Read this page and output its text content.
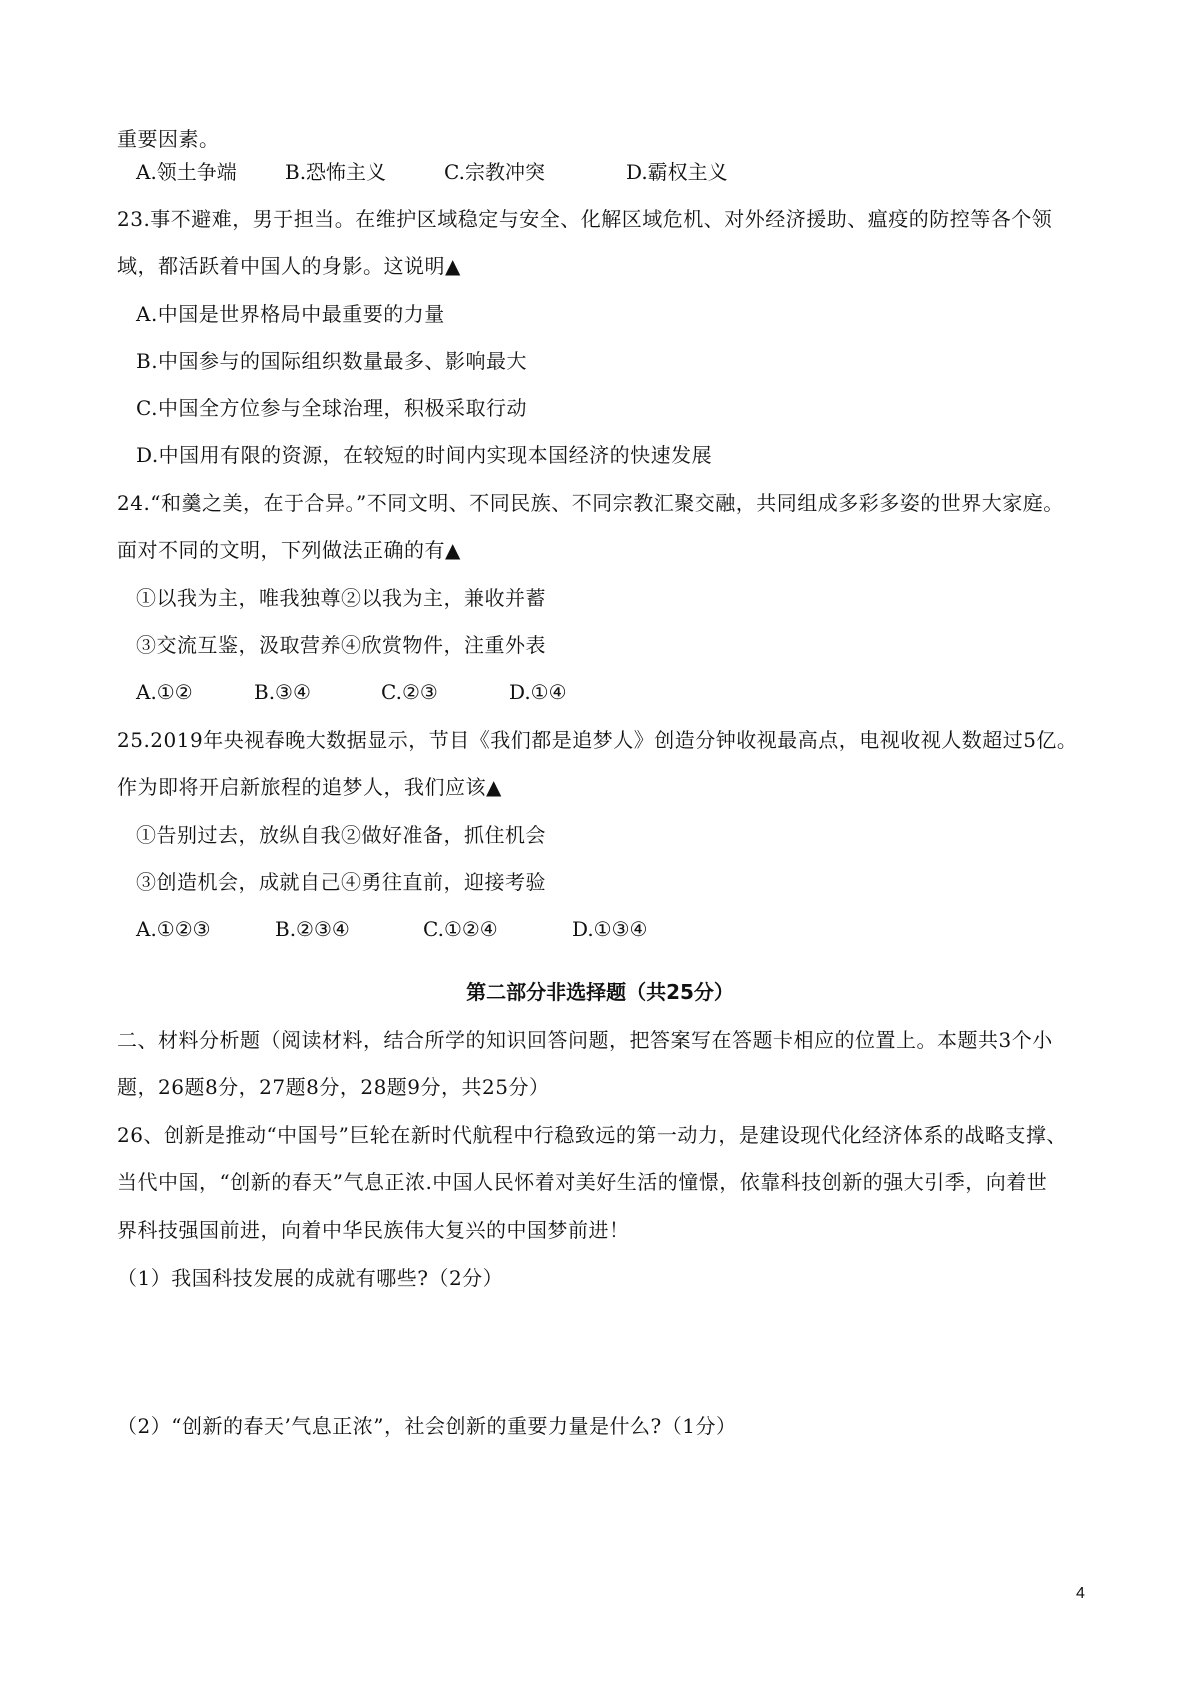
重要因素。
A.领土争端 B.恐怖主义	C.宗教冲突	D.霸权主义
23.事不避难，男于担当。在维护区域稳定与安全、化解区域危机、对外经济援助、瘟疫的防控等各个领
域，都活跃着中国人的身影。这说明▲
A.中国是世界格局中最重要的力量
B.中国参与的国际组织数量最多、影响最大
C.中国全方位参与全球治理，积极采取行动
D.中国用有限的资源，在较短的时间内实现本国经济的快速发展
24.“和羹之美，在于合异。”不同文明、不同民族、不同宗教汇聚交融，共同组成多彩多姿的世界大家庭。
面对不同的文明，下列做法正确的有▲
①以我为主，唯我独尊②以我为主，兼收并蓄
③交流互鉴，汲取营养④欣赏物件，注重外表
A.①②	B.③④	C.②③	D.①④
25.2019年央视春晚大数据显示，节目《我们都是追梦人》创造分钟收视最高点，电视收视人数超过5亿。
作为即将开启新旅程的追梦人，我们应该▲
①告别过去，放纵自我②做好准备，抓住机会
③创造机会，成就自己④勇往直前，迎接考验
A.①②③	B.②③④	C.①②④	D.①③④
第二部分非选择题（共25分）
二、材料分析题（阅读材料，结合所学的知识回答问题，把答案写在答题卡相应的位置上。本题共3个小
题，26题8分，27题8分，28题9分，共25分）
26、创新是推动“中国号”巨轮在新时代航程中行稳致远的第一动力，是建设现代化经济体系的战略支撑、
当代中国，“创新的春天”气息正浓.中国人民怀着对美好生活的憧憬，依靠科技创新的强大引季，向着世
界科技强国前进，向着中华民族伟大复兴的中国梦前进！
（1）我国科技发展的成就有哪些?（2分）
（2）“创新的春天’气息正浓”，社会创新的重要力量是什么?（1分）
4
